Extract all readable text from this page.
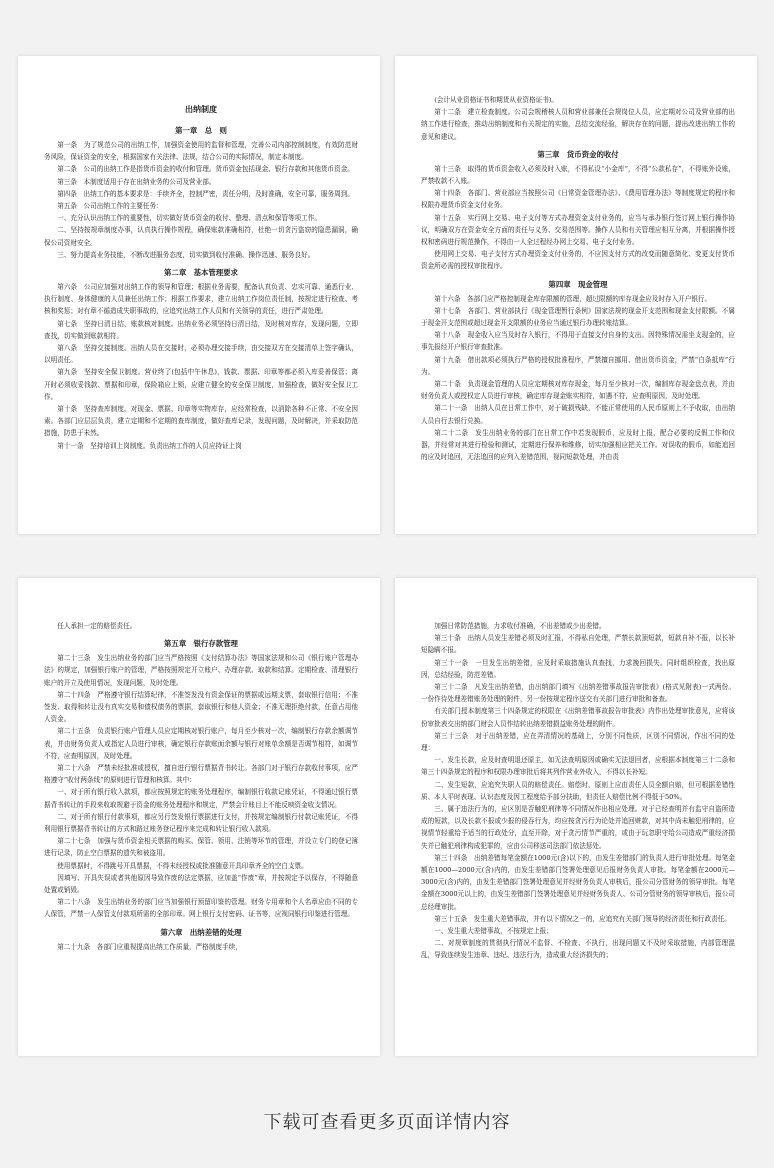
出纳制度

第一章　总　则

第一条　为了规范公司的出纳工作，加强资金使用的监督和管理，完善公司内部控制制度，有效防范财务风险，保证资金的安全，根据国家有关法律、法规，结合公司的实际情况，制定本制度。

第二条　公司的出纳工作是指货币资金的收付和管理。货币资金包括现金、银行存款和其他货币资金。

第三条　本制度适用于存在出纳业务的公司及营业部。

第四条　出纳工作的基本要求是：手续齐全，控制严密，责任分明，及时准确，安全可靠，服务周到。

第五条　公司出纳工作的主要任务：

一、充分认识出纳工作的重要性，切实做好货币资金的收付、整理、清点和保管等项工作。

二、坚持按规章制度办事，认真执行操作规程，确保账款准确相符，杜绝一切贪污盗窃的隐患漏洞，确保公司资财安全。

三、努力提高业务技能，不断改进服务态度，切实做到收付准确、操作迅速、服务良好。

第二章　基本管理要求

第六条　公司应加强对出纳工作的领导和管理；根据业务需要，配备认真负责、忠实可靠、通悉行业、执行制度、身体健康的人员兼任出纳工作；根据工作要求，建立出纳工作岗位责任制，按规定进行检查、考核和奖惩；对有章不循造成失职事故的，应追究出纳工作人员和有关领导的责任，进行严肃处理。

第七条　坚持日清日结，账款核对制度。出纳业务必须坚持日清日结，及时核对库存，发现问题，立即查找，切实做到账款相符。

第八条　坚持交接制度。出纳人员在交接时，必须办理交接手续，由交接双方在交接清单上签字确认，以明责任。

第九条　坚持安全保卫制度。营业终了(包括中午休息)，钱款、票据、印章等都必须入库妥善保管；离开时必须收妥钱款、票据和印章，保险箱应上锁，应建立健全的安全保卫制度，加强检查，做好安全保卫工作。

第十条　坚持查库制度。对现金、票据、印章等实物库存，应经常检查，以消除各种不正常、不安全因素。各部门应层层负责，建立定期和不定期的查库制度，做好查库记录，发现问题，及时解决，并采取防范措施，防患于未然。

第十一条　坚持培训上岗制度。负责出纳工作的人员应持证上岗

(会计从业资格证书和期货从业资格证书)。

第十二条　建立检查制度。公司会规稽核人员和营业部兼任会规岗位人员，应定期对公司及营业部的出纳工作进行检查，推动出纳制度和有关规定的实施，总结交流经验，解决存在的问题，提出改进出纳工作的意见和建议。

第三章　货币资金的收付

第十三条　取得的货币资金收入必须及时入账，不得私设“小金库”，不得“公款私存”，不得账外设账，严禁收款不入账。

第十四条　各部门、营业部应当按照公司《日常资金管理办法》、《费用管理办法》等制度规定的程序和权限办理货币资金支付业务。

第十五条　实行网上交易、电子支付等方式办理资金支付业务的，应当与承办银行签订网上银行操作协议，明确双方在资金安全方面的责任与义务、交易范围等。操作人员和有关管理应相互分离，并根据操作授权和密码进行规范操作，不得由一人全过程经办网上交易、电子支付业务。

使用网上交易、电子支付方式办理资金支付业务的，不应因支付方式的改变而随意简化、变更支付货币资金所必需的授权审批程序。

第四章　现金管理

第十六条　各部门应严格控制现金库存限额的管理，超过限额的库存现金应及时存入开户银行。

第十七条　各部门、营业部执行《现金管理暂行条例》国家法规的现金开支范围和现金支付限额。不属于现金开支范围或超过现金开支限额的业务应当通过银行办理转账结算。

第十八条　现金收入应当及时存入银行，不得用于直接支付自身的支出。因特殊情况需坐支现金的，应事先报经开户银行审查批准。

第十九条　借出款项必须执行严格的授权批准程序，严禁擅自挪用、借出货币资金，严禁“白条抵库”行为。

第二十条　负责现金管理的人员应定期核对库存现金，每月至少核对一次，编制库存现金盘点表，并由财务负责人或授权定人员进行审核，确定库存现金账实相符，如遇不符，应查明原因，及时处理。

第二十一条　出纳人员在日常工作中，对于破损残缺，不能正常使用的人民币原则上不予收取，由出纳人员自行去银行兑换。

第二十二条　发生出纳业务的部门在日常工作中若发现假币，应及时上报，配合必要的反假工作和仪器，并经常对其进行检验和测试，定期进行保养和维修，切实加强相应把关工作。对误收的假币，如能追回的应及时追回，无法追回的应列入差错范围，视同短款处理，并由责

任人承担一定的赔偿责任。

第五章　银行存款管理

第二十三条　发生出纳业务的部门应当严格按照《支付结算办法》等国家法规和公司《银行账户管理办法》的规定，加强银行账户的管理，严格按照规定开立账户、办理存款、取款和结算。定期检查、清理银行账户的开立及使用情况，发现问题，及时处理。

第二十四条　严格遵守银行结算纪律，不准签发没有资金保证的票据或远期支票，套取银行信用；不准签发、取得和转让没有真实交易和债权债务的票据，套取银行和他人资金；不准无理拒绝付款，任意占用他人资金。

第二十五条　负责银行账户管理人员应定期核对银行账户，每月至少核对一次，编制银行存款余额调节表，并由财务负责人或指定人员进行审核，确定银行存款账面余额与银行对账单余额是否调节相符，如调节不符，应查明原因，及时处理。

第二十六条　严禁未经批准或授权，擅自进行银行票据背书转让。各部门对于银行存款收付事项，应严格遵守“收付两条线”的原则进行管理和核算。其中：

一、对于所有银行收入款项，都应按照规定的账务处理程序，编制银行收款记账凭证，不得通过银行票据背书转让的手段来收取规避于资金的账务处理程序和规定，严禁会计账目上不能反映资金收支情况。

二、对于所有银行付款事项，都应另行签发银行票据进行支付，并按规定编制银行付款记账凭证，不得利用银行票据背书转让的方式和路过账务登记程序来完成和转让银行收入款项。

第二十七条　加强与货币资金相关票据的购买、保管、领用、注销等环节的管理，并设立专门的登记簿进行记录，防止空白票据的遗失和被盗用。

使用票据时，不得跳号开具票据，不得未经授权或批准随意开具印章齐全的空白支票。

因填写、开具失误或者其他原因导致作废的法定票据，应加盖“作废”章，并按规定予以保存，不得随意处置或销毁。

第二十八条　发生出纳业务的部门应当加强银行预留印鉴的管理。财务专用章和个人名章应由不同的专人保管，严禁一人保管支付款项所需的全部印章。网上银行支付密码、证书等，应视同银行印鉴进行管理。

第六章　出纳差错的处理

第二十九条　各部门应重视提高出纳工作质量，严格制度手续，

加强日常防范措施，力求收付准确，不出差错或少出差错。

第三十条　出纳人员发生差错必须及时汇报，不得私自处理，严禁长款顶短款，短款自补不报，以长补短隐瞒不报。

第三十一条　一旦发生出纳差错，应及时采取措施认真查找，力求挽回损失。同时组织检查，找出原因，总结经验，防范差错。

第三十二条　凡发生出纳差错，由出纳部门填写《出纳差错事故报告审批表》(格式见附表)一式两份。一份作待处理差错账务处理的附件，另一份按规定程序送交有关部门进行审批和备查。

有关部门授本制度第三十四条规定的权限在《出纳差错事故报告审批表》内作出处理审批意见，应将该份审批表交出纳部门财会人员作结转出纳差错损益账务处理的附件。

第三十三条　对于出纳差错，应在弄清情况的基础上，分别不同性质，区别不同情况，作出不同的处理：

一、发生长款，应及时查明退还原主，如无法查明原因或确实无法退回者，应根据本制度第三十二条和第三十四条规定的程序和权限办理审批后将其列作营业外收入，不得以长补短。

二、发生短款，应追究失职人员的赔偿责任。赔偿时，原则上应由责任人员全额自赔，但可根据差错性质、本人平时表现、认识态度及因工程度给予部分扶助，但责任人赔偿比例不得低于50%。

三、属于违法行为的，应区别是否触犯刑律等不同情况作出相应处理。对于已经查明并有监守自盗所造成的短款，以及长款不报或少报的侵吞行为，均应按贪污行为论处并追回赃款，对其中尚未触犯刑律的，应视情节轻重给予适当的行政处分，直至开除，对于贪污情节严重的，或由于玩忽职守给公司造成严重经济损失并已触犯刑律构成犯罪的，应由公司移送司法部门依法惩处。

第三十四条　出纳差错每笔金额在1000元(含)以下的，由发生差错部门的负责人进行审批处理。每笔金额在1000—2000元(含)内的，由发生差错部门签署处理意见后报财务负责人审批。每笔金额在2000元—3000元(含)内的，由发生差错部门签署处理意见并经财务负责人审核后，报公司分管财务的领导审批。每笔金额在3000元以上的，由发生差错部门签署处理意见并经财务负责人、公司分管财务的领导审核后，报公司总经理审批。

第三十五条　发生重大差错事故，并有以下情况之一的，应追究有关部门领导的经济责任和行政责任。

一、发生重大差错事故，不按规定上报；

二、对规章制度的贯彻执行情况不监督、不检查、不执行，出现问题又不及时采取措施，内部管理混乱，导致连续发生违章、违纪、违法行为，造成重大经济损失的；

下载可查看更多页面详情内容
